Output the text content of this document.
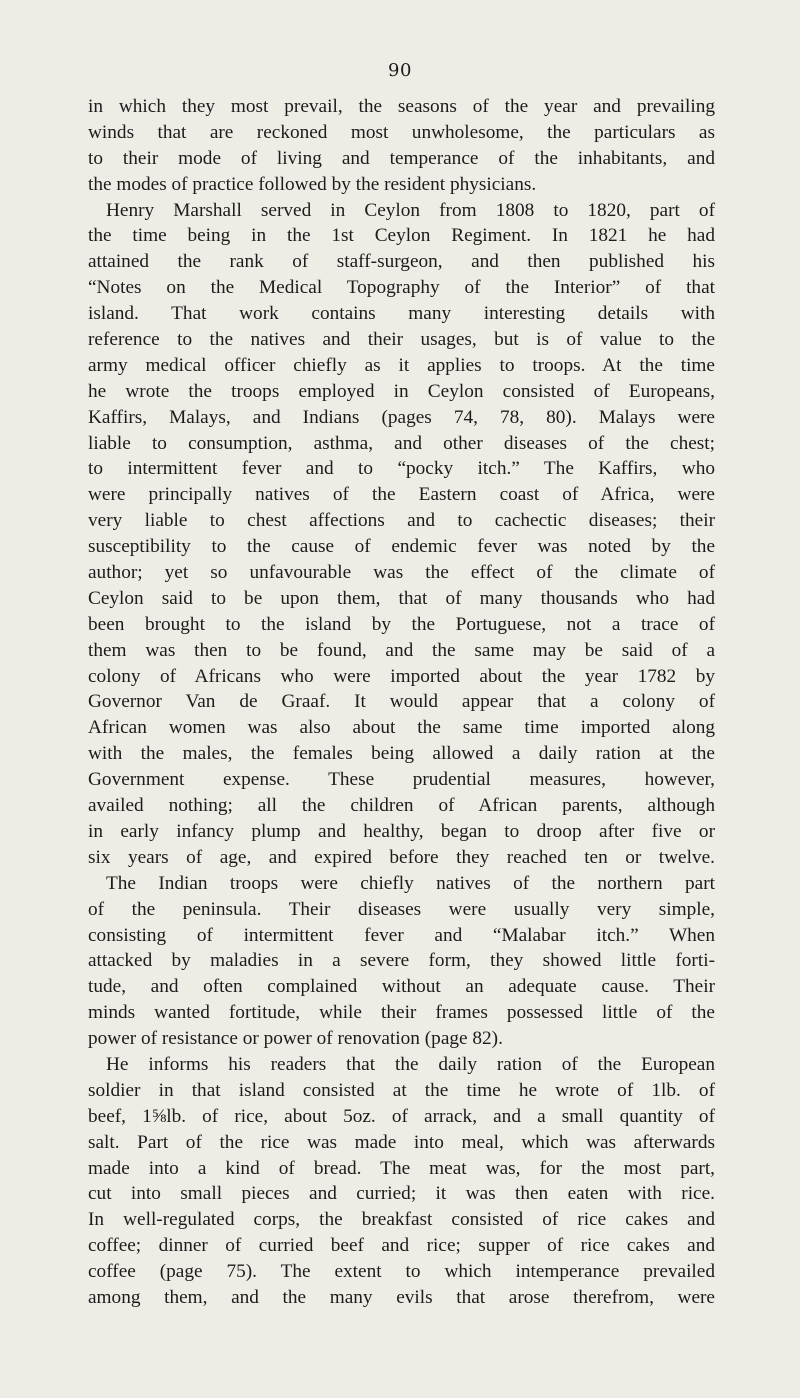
90
in which they most prevail, the seasons of the year and prevailing
winds that are reckoned most unwholesome, the particulars as
to their mode of living and temperance of the inhabitants, and
the modes of practice followed by the resident physicians.
Henry Marshall served in Ceylon from 1808 to 1820, part of
the time being in the 1st Ceylon Regiment. In 1821 he had
attained the rank of staff-surgeon, and then published his
“Notes on the Medical Topography of the Interior” of that
island. That work contains many interesting details with
reference to the natives and their usages, but is of value to the
army medical officer chiefly as it applies to troops. At the time
he wrote the troops employed in Ceylon consisted of Europeans,
Kaffirs, Malays, and Indians (pages 74, 78, 80). Malays were
liable to consumption, asthma, and other diseases of the chest;
to intermittent fever and to “pocky itch.” The Kaffirs, who
were principally natives of the Eastern coast of Africa, were
very liable to chest affections and to cachectic diseases; their
susceptibility to the cause of endemic fever was noted by the
author; yet so unfavourable was the effect of the climate of
Ceylon said to be upon them, that of many thousands who had
been brought to the island by the Portuguese, not a trace of
them was then to be found, and the same may be said of a
colony of Africans who were imported about the year 1782 by
Governor Van de Graaf. It would appear that a colony of
African women was also about the same time imported along
with the males, the females being allowed a daily ration at the
Government expense. These prudential measures, however,
availed nothing; all the children of African parents, although
in early infancy plump and healthy, began to droop after five or
six years of age, and expired before they reached ten or twelve.
The Indian troops were chiefly natives of the northern part
of the peninsula. Their diseases were usually very simple,
consisting of intermittent fever and “Malabar itch.” When
attacked by maladies in a severe form, they showed little forti-
tude, and often complained without an adequate cause. Their
minds wanted fortitude, while their frames possessed little of the
power of resistance or power of renovation (page 82).
He informs his readers that the daily ration of the European
soldier in that island consisted at the time he wrote of 1lb. of
beef, 1⅝lb. of rice, about 5oz. of arrack, and a small quantity of
salt. Part of the rice was made into meal, which was afterwards
made into a kind of bread. The meat was, for the most part,
cut into small pieces and curried; it was then eaten with rice.
In well-regulated corps, the breakfast consisted of rice cakes and
coffee; dinner of curried beef and rice; supper of rice cakes and
coffee (page 75). The extent to which intemperance prevailed
among them, and the many evils that arose therefrom, were
